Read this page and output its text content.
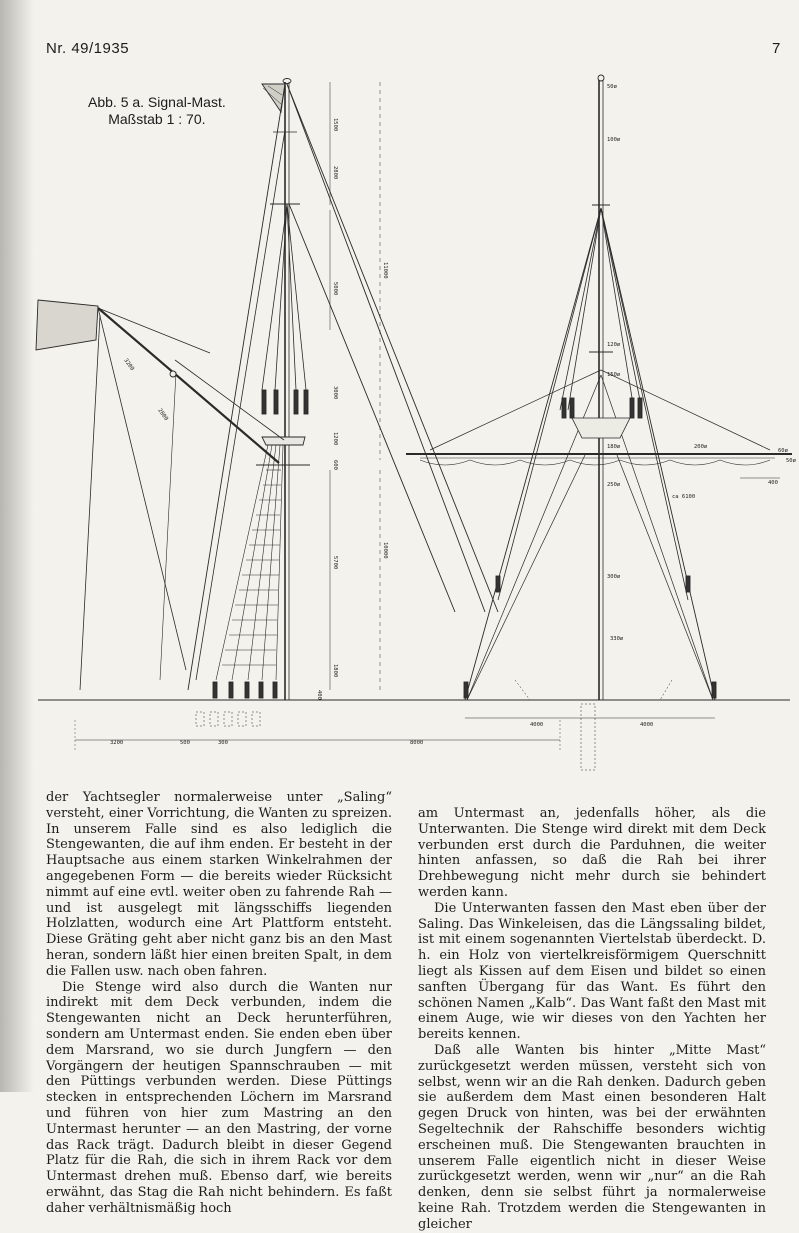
Nr. 49/1935	7
1500
2800
5000
11000
3000
1200
600
5700
10000
1800
400
3200	500	300	8000
3200
2800
50ø
100ø
120ø
150ø
180ø	200ø
250ø
300ø
330ø
60ø
ca 6100
4000	4000
400
50ø
Abb. 5 a. Signal-Mast.
Maßstab 1 : 70.

der Yachtsegler normalerweise unter „Saling“ versteht, einer Vorrichtung, die Wanten zu spreizen. In unserem Falle sind es also lediglich die Stengewanten, die auf ihm enden. Er besteht in der Hauptsache aus einem starken Winkelrahmen der angegebenen Form — die bereits wieder Rücksicht nimmt auf eine evtl. weiter oben zu fahrende Rah — und ist ausgelegt mit längsschiffs liegenden Holzlatten, wodurch eine Art Plattform entsteht. Diese Gräting geht aber nicht ganz bis an den Mast heran, sondern läßt hier einen breiten Spalt, in dem die Fallen usw. nach oben fahren.

Die Stenge wird also durch die Wanten nur indirekt mit dem Deck verbunden, indem die Stengewanten nicht an Deck herunterführen, sondern am Untermast enden. Sie enden eben über dem Marsrand, wo sie durch Jungfern — den Vorgängern der heutigen Spannschrauben — mit den Püttings verbunden werden. Diese Püttings stecken in entsprechenden Löchern im Marsrand und führen von hier zum Mastring an den Untermast herunter — an den Mastring, der vorne das Rack trägt. Dadurch bleibt in dieser Gegend Platz für die Rah, die sich in ihrem Rack vor dem Untermast drehen muß. Ebenso darf, wie bereits erwähnt, das Stag die Rah nicht behindern. Es faßt daher verhältnismäßig hoch

am Untermast an, jedenfalls höher, als die Unterwanten. Die Stenge wird direkt mit dem Deck verbunden erst durch die Parduhnen, die weiter hinten anfassen, so daß die Rah bei ihrer Drehbewegung nicht mehr durch sie behindert werden kann.

Die Unterwanten fassen den Mast eben über der Saling. Das Winkeleisen, das die Längssaling bildet, ist mit einem sogenannten Viertelstab überdeckt. D. h. ein Holz von viertelkreisförmigem Querschnitt liegt als Kissen auf dem Eisen und bildet so einen sanften Übergang für das Want. Es führt den schönen Namen „Kalb“. Das Want faßt den Mast mit einem Auge, wie wir dieses von den Yachten her bereits kennen.

Daß alle Wanten bis hinter „Mitte Mast“ zurückgesetzt werden müssen, versteht sich von selbst, wenn wir an die Rah denken. Dadurch geben sie außerdem dem Mast einen besonderen Halt gegen Druck von hinten, was bei der erwähnten Segeltechnik der Rahschiffe besonders wichtig erscheinen muß. Die Stengewanten brauchten in unserem Falle eigentlich nicht in dieser Weise zurückgesetzt werden, wenn wir „nur“ an die Rah denken, denn sie selbst führt ja normalerweise keine Rah. Trotzdem werden die Stengewanten in gleicher
